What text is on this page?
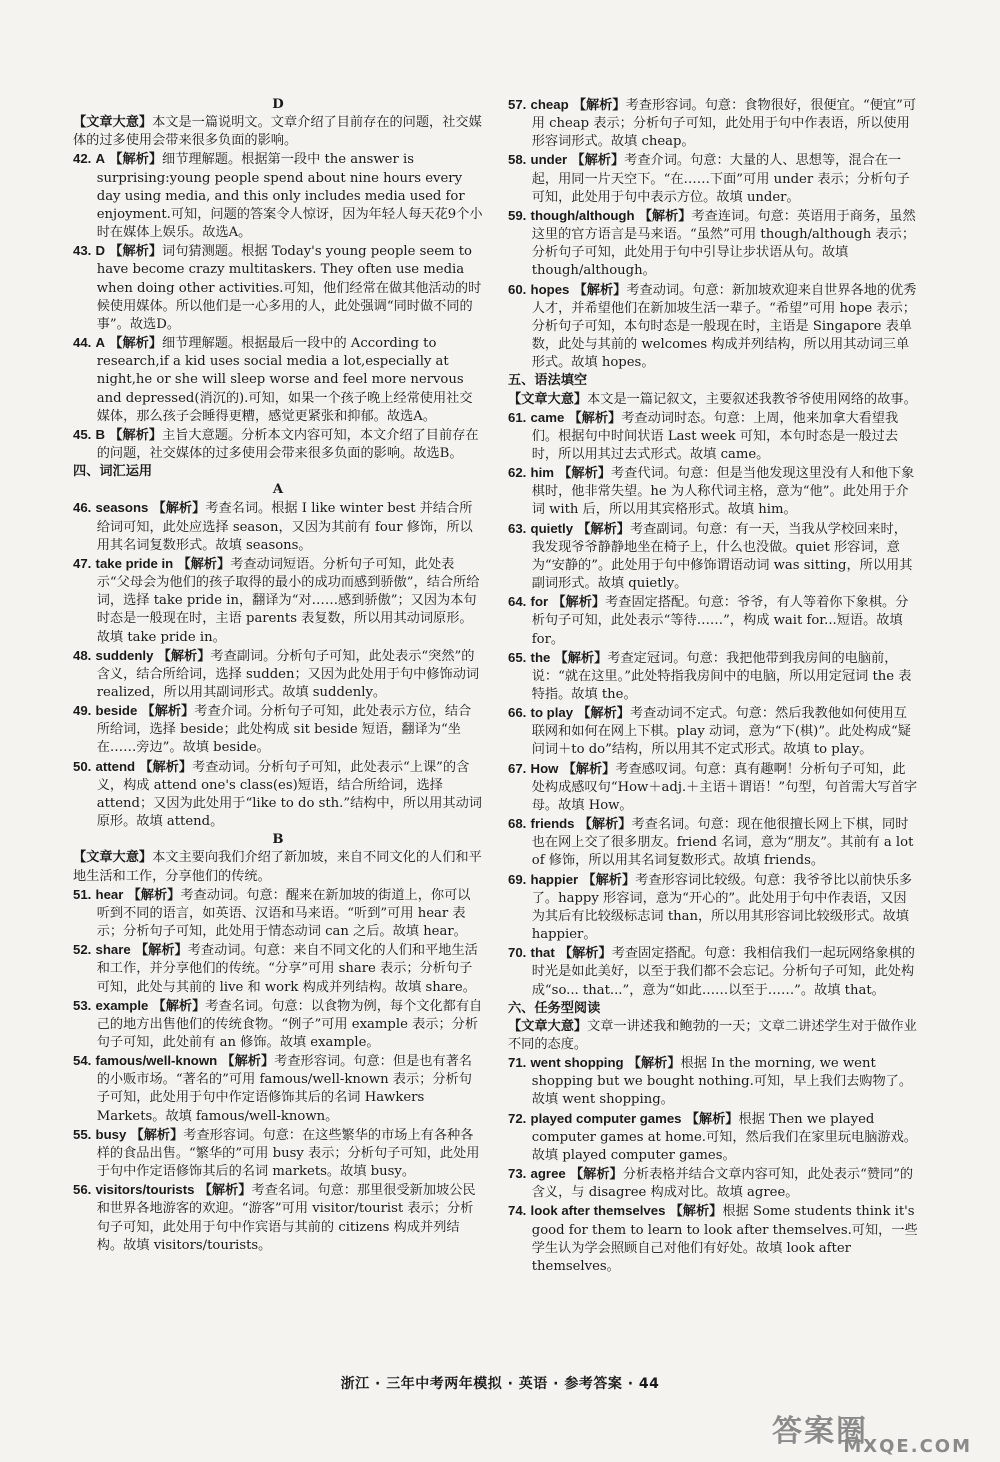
D

【文章大意】本文是一篇说明文。文章介绍了目前存在的问题，社交媒体的过多使用会带来很多负面的影响。

42. A 【解析】细节理解题。根据第一段中 the answer is surprising:young people spend about nine hours every day using media, and this only includes media used for enjoyment.可知，问题的答案令人惊讶，因为年轻人每天花9个小时在媒体上娱乐。故选A。

43. D 【解析】词句猜测题。根据 Today's young people seem to have become crazy multitaskers. They often use media when doing other activities.可知，他们经常在做其他活动的时候使用媒体。所以他们是一心多用的人，此处强调“同时做不同的事”。故选D。

44. A 【解析】细节理解题。根据最后一段中的 According to research,if a kid uses social media a lot,especially at night,he or she will sleep worse and feel more nervous and depressed(消沉的).可知，如果一个孩子晚上经常使用社交媒体，那么孩子会睡得更糟，感觉更紧张和抑郁。故选A。

45. B 【解析】主旨大意题。分析本文内容可知，本文介绍了目前存在的问题，社交媒体的过多使用会带来很多负面的影响。故选B。

四、词汇运用

A

46. seasons 【解析】考查名词。根据 I like winter best 并结合所给词可知，此处应选择 season，又因为其前有 four 修饰，所以用其名词复数形式。故填 seasons。

47. take pride in 【解析】考查动词短语。分析句子可知，此处表示“父母会为他们的孩子取得的最小的成功而感到骄傲”，结合所给词，选择 take pride in，翻译为“对……感到骄傲”；又因为本句时态是一般现在时，主语 parents 表复数，所以用其动词原形。故填 take pride in。

48. suddenly 【解析】考查副词。分析句子可知，此处表示“突然”的含义，结合所给词，选择 sudden；又因为此处用于句中修饰动词 realized，所以用其副词形式。故填 suddenly。

49. beside 【解析】考查介词。分析句子可知，此处表示方位，结合所给词，选择 beside；此处构成 sit beside 短语，翻译为“坐在……旁边”。故填 beside。

50. attend 【解析】考查动词。分析句子可知，此处表示“上课”的含义，构成 attend one's class(es)短语，结合所给词，选择 attend；又因为此处用于“like to do sth.”结构中，所以用其动词原形。故填 attend。

B

【文章大意】本文主要向我们介绍了新加坡，来自不同文化的人们和平地生活和工作，分享他们的传统。

51. hear 【解析】考查动词。句意：醒来在新加坡的街道上，你可以听到不同的语言，如英语、汉语和马来语。“听到”可用 hear 表示；分析句子可知，此处用于情态动词 can 之后。故填 hear。

52. share 【解析】考查动词。句意：来自不同文化的人们和平地生活和工作，并分享他们的传统。“分享”可用 share 表示；分析句子可知，此处与其前的 live 和 work 构成并列结构。故填 share。

53. example 【解析】考查名词。句意：以食物为例，每个文化都有自己的地方出售他们的传统食物。“例子”可用 example 表示；分析句子可知，此处前有 an 修饰。故填 example。

54. famous/well-known 【解析】考查形容词。句意：但是也有著名的小贩市场。“著名的”可用 famous/well-known 表示；分析句子可知，此处用于句中作定语修饰其后的名词 Hawkers Markets。故填 famous/well-known。

55. busy 【解析】考查形容词。句意：在这些繁华的市场上有各种各样的食品出售。“繁华的”可用 busy 表示；分析句子可知，此处用于句中作定语修饰其后的名词 markets。故填 busy。

56. visitors/tourists 【解析】考查名词。句意：那里很受新加坡公民和世界各地游客的欢迎。“游客”可用 visitor/tourist 表示；分析句子可知，此处用于句中作宾语与其前的 citizens 构成并列结构。故填 visitors/tourists。

57. cheap 【解析】考查形容词。句意：食物很好，很便宜。“便宜”可用 cheap 表示；分析句子可知，此处用于句中作表语，所以使用形容词形式。故填 cheap。

58. under 【解析】考查介词。句意：大量的人、思想等，混合在一起，用同一片天空下。“在……下面”可用 under 表示；分析句子可知，此处用于句中表示方位。故填 under。

59. though/although 【解析】考查连词。句意：英语用于商务，虽然这里的官方语言是马来语。“虽然”可用 though/although 表示；分析句子可知，此处用于句中引导让步状语从句。故填 though/although。

60. hopes 【解析】考查动词。句意：新加坡欢迎来自世界各地的优秀人才，并希望他们在新加坡生活一辈子。“希望”可用 hope 表示；分析句子可知，本句时态是一般现在时，主语是 Singapore 表单数，此处与其前的 welcomes 构成并列结构，所以用其动词三单形式。故填 hopes。

五、语法填空

【文章大意】本文是一篇记叙文，主要叙述我教爷爷使用网络的故事。

61. came 【解析】考查动词时态。句意：上周，他来加拿大看望我们。根据句中时间状语 Last week 可知，本句时态是一般过去时，所以用其过去式形式。故填 came。

62. him 【解析】考查代词。句意：但是当他发现这里没有人和他下象棋时，他非常失望。he 为人称代词主格，意为“他”。此处用于介词 with 后，所以用其宾格形式。故填 him。

63. quietly 【解析】考查副词。句意：有一天，当我从学校回来时，我发现爷爷静静地坐在椅子上，什么也没做。quiet 形容词，意为“安静的”。此处用于句中修饰谓语动词 was sitting，所以用其副词形式。故填 quietly。

64. for 【解析】考查固定搭配。句意：爷爷，有人等着你下象棋。分析句子可知，此处表示“等待……”，构成 wait for...短语。故填 for。

65. the 【解析】考查定冠词。句意：我把他带到我房间的电脑前，说：“就在这里。”此处特指我房间中的电脑，所以用定冠词 the 表特指。故填 the。

66. to play 【解析】考查动词不定式。句意：然后我教他如何使用互联网和如何在网上下棋。play 动词，意为“下(棋)”。此处构成“疑问词＋to do”结构，所以用其不定式形式。故填 to play。

67. How 【解析】考查感叹词。句意：真有趣啊！分析句子可知，此处构成感叹句“How＋adj.＋主语＋谓语！”句型，句首需大写首字母。故填 How。

68. friends 【解析】考查名词。句意：现在他很擅长网上下棋，同时也在网上交了很多朋友。friend 名词，意为“朋友”。其前有 a lot of 修饰，所以用其名词复数形式。故填 friends。

69. happier 【解析】考查形容词比较级。句意：我爷爷比以前快乐多了。happy 形容词，意为“开心的”。此处用于句中作表语，又因为其后有比较级标志词 than，所以用其形容词比较级形式。故填 happier。

70. that 【解析】考查固定搭配。句意：我相信我们一起玩网络象棋的时光是如此美好，以至于我们都不会忘记。分析句子可知，此处构成“so... that...”，意为“如此……以至于……”。故填 that。

六、任务型阅读

【文章大意】文章一讲述我和鲍勃的一天；文章二讲述学生对于做作业不同的态度。

71. went shopping 【解析】根据 In the morning, we went shopping but we bought nothing.可知，早上我们去购物了。故填 went shopping。

72. played computer games 【解析】根据 Then we played computer games at home.可知，然后我们在家里玩电脑游戏。故填 played computer games。

73. agree 【解析】分析表格并结合文章内容可知，此处表示“赞同”的含义，与 disagree 构成对比。故填 agree。

74. look after themselves 【解析】根据 Some students think it's good for them to learn to look after themselves.可知，一些学生认为学会照顾自己对他们有好处。故填 look after themselves。

浙江 · 三年中考两年模拟 · 英语 · 参考答案 · 44
答案圈
MXQE.COM
